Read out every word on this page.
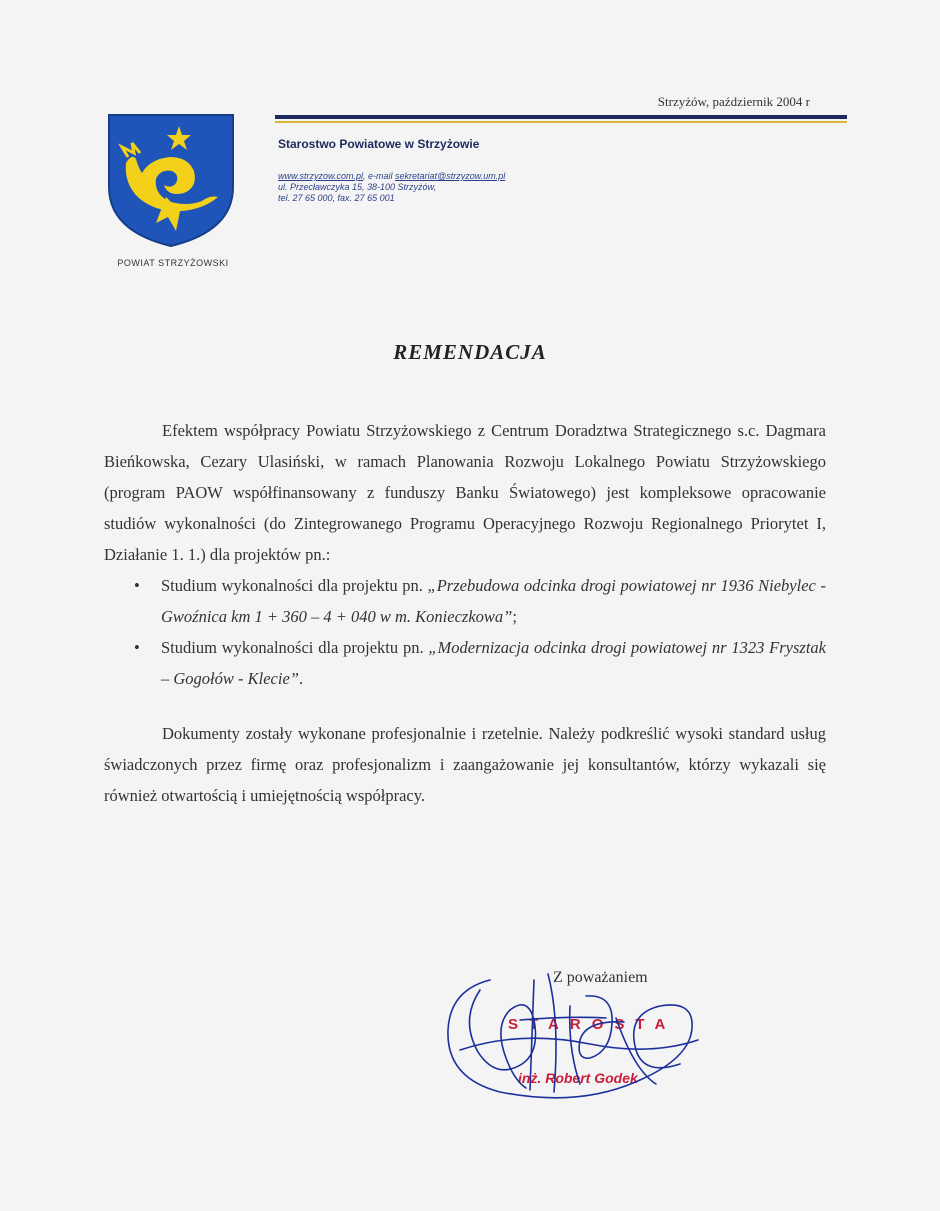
Strzyżów, październik 2004 r
POWIAT STRZYŻOWSKI
Starostwo Powiatowe w Strzyżowie
www.strzyzow.com.pl, e-mail sekretariat@strzyzow.um.pl
ul. Przecławczyka 15, 38-100 Strzyżów,
tel. 27 65 000, fax. 27 65 001
REMENDACJA

Efektem współpracy Powiatu Strzyżowskiego z Centrum Doradztwa Strategicznego s.c. Dagmara Bieńkowska, Cezary Ulasiński, w ramach Planowania Rozwoju Lokalnego Powiatu Strzyżowskiego (program PAOW współfinansowany z funduszy Banku Światowego) jest kompleksowe opracowanie studiów wykonalności (do Zintegrowanego Programu Operacyjnego Rozwoju Regionalnego Priorytet I, Działanie 1. 1.) dla projektów pn.:

• Studium wykonalności dla projektu pn. „Przebudowa odcinka drogi powiatowej nr 1936 Niebylec - Gwoźnica km 1 + 360 – 4 + 040 w m. Konieczkowa”;
• Studium wykonalności dla projektu pn. „Modernizacja odcinka drogi powiatowej nr 1323 Frysztak – Gogołów - Klecie”.

Dokumenty zostały wykonane profesjonalnie i rzetelnie. Należy podkreślić wysoki standard usług świadczonych przez firmę oraz profesjonalizm i zaangażowanie jej konsultantów, którzy wykazali się również otwartością i umiejętnością współpracy.

Z poważaniem
STAROSTA
inż. Robert Godek
